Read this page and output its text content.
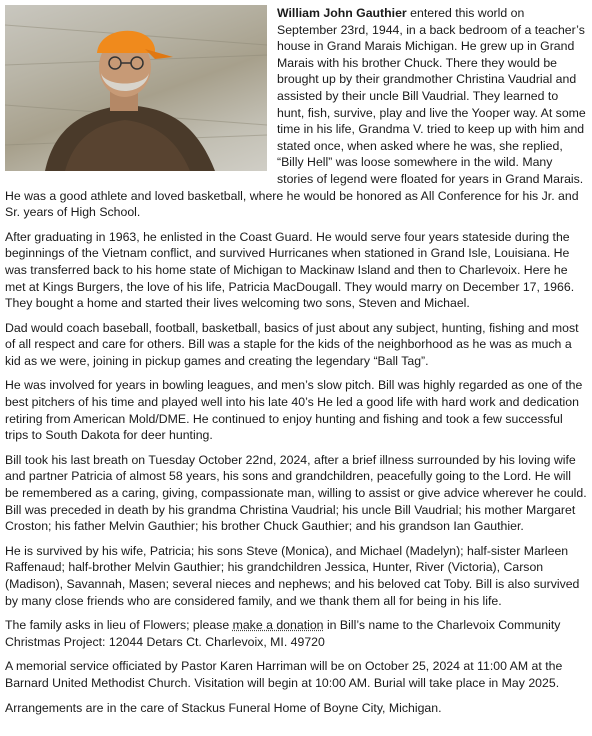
William John Gauthier entered this world on September 23rd, 1944, in a back bedroom of a teacher’s house in Grand Marais Michigan. He grew up in Grand Marais with his brother Chuck. There they would be brought up by their grandmother Christina Vaudrial and assisted by their uncle Bill Vaudrial. They learned to hunt, fish, survive, play and live the Yooper way. At some time in his life, Grandma V. tried to keep up with him and stated once, when asked where he was, she replied, “Billy Hell” was loose somewhere in the wild. Many stories of legend were floated for years in Grand Marais. He was a good athlete and loved basketball, where he would be honored as All Conference for his Jr. and Sr. years of High School.

After graduating in 1963, he enlisted in the Coast Guard. He would serve four years stateside during the beginnings of the Vietnam conflict, and survived Hurricanes when stationed in Grand Isle, Louisiana. He was transferred back to his home state of Michigan to Mackinaw Island and then to Charlevoix. Here he met at Kings Burgers, the love of his life, Patricia MacDougall. They would marry on December 17, 1966. They bought a home and started their lives welcoming two sons, Steven and Michael.

Dad would coach baseball, football, basketball, basics of just about any subject, hunting, fishing and most of all respect and care for others. Bill was a staple for the kids of the neighborhood as he was as much a kid as we were, joining in pickup games and creating the legendary “Ball Tag”.

He was involved for years in bowling leagues, and men’s slow pitch. Bill was highly regarded as one of the best pitchers of his time and played well into his late 40’s He led a good life with hard work and dedication retiring from American Mold/DME. He continued to enjoy hunting and fishing and took a few successful trips to South Dakota for deer hunting.

Bill took his last breath on Tuesday October 22nd, 2024, after a brief illness surrounded by his loving wife and partner Patricia of almost 58 years, his sons and grandchildren, peacefully going to the Lord. He will be remembered as a caring, giving, compassionate man, willing to assist or give advice wherever he could. Bill was preceded in death by his grandma Christina Vaudrial; his uncle Bill Vaudrial; his mother Margaret Croston; his father Melvin Gauthier; his brother Chuck Gauthier; and his grandson Ian Gauthier.

He is survived by his wife, Patricia; his sons Steve (Monica), and Michael (Madelyn); half-sister Marleen Raffenaud; half-brother Melvin Gauthier; his grandchildren Jessica, Hunter, River (Victoria), Carson (Madison), Savannah, Masen; several nieces and nephews; and his beloved cat Toby. Bill is also survived by many close friends who are considered family, and we thank them all for being in his life.

The family asks in lieu of Flowers; please make a donation in Bill’s name to the Charlevoix Community Christmas Project: 12044 Detars Ct. Charlevoix, MI. 49720

A memorial service officiated by Pastor Karen Harriman will be on October 25, 2024 at 11:00 AM at the Barnard United Methodist Church. Visitation will begin at 10:00 AM. Burial will take place in May 2025.

Arrangements are in the care of Stackus Funeral Home of Boyne City, Michigan.
